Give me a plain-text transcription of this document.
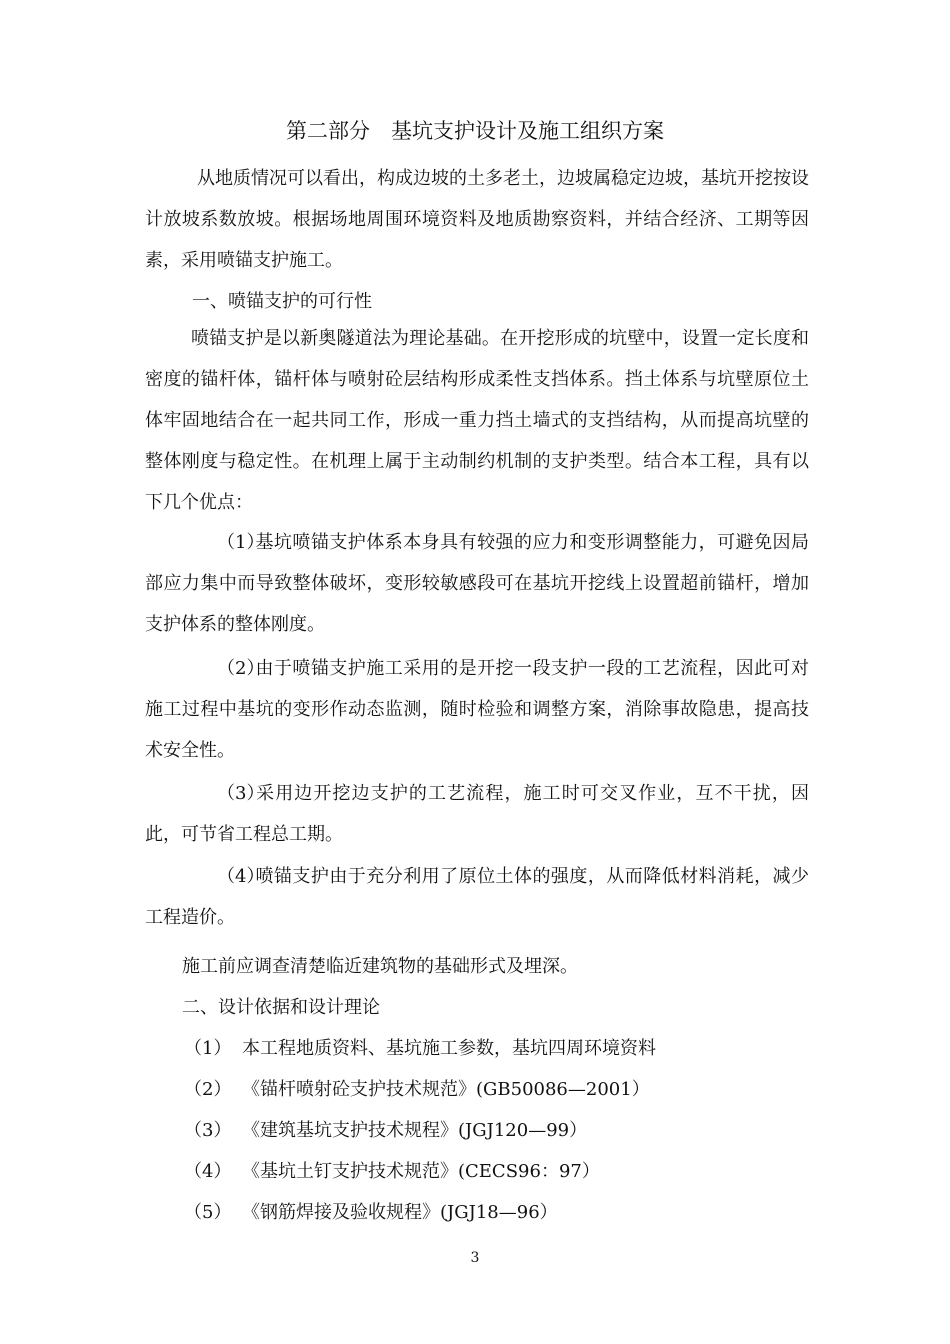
第二部分　基坑支护设计及施工组织方案

从地质情况可以看出，构成边坡的土多老土，边坡属稳定边坡，基坑开挖按设计放坡系数放坡。根据场地周围环境资料及地质勘察资料，并结合经济、工期等因素，采用喷锚支护施工。

一、喷锚支护的可行性

喷锚支护是以新奥隧道法为理论基础。在开挖形成的坑壁中，设置一定长度和密度的锚杆体，锚杆体与喷射砼层结构形成柔性支挡体系。挡土体系与坑壁原位土体牢固地结合在一起共同工作，形成一重力挡土墙式的支挡结构，从而提高坑壁的整体刚度与稳定性。在机理上属于主动制约机制的支护类型。结合本工程，具有以下几个优点：

（1）基坑喷锚支护体系本身具有较强的应力和变形调整能力，可避免因局部应力集中而导致整体破坏，变形较敏感段可在基坑开挖线上设置超前锚杆，增加支护体系的整体刚度。

（2）由于喷锚支护施工采用的是开挖一段支护一段的工艺流程，因此可对施工过程中基坑的变形作动态监测，随时检验和调整方案，消除事故隐患，提高技术安全性。

（3）采用边开挖边支护的工艺流程，施工时可交叉作业，互不干扰，因此，可节省工程总工期。

（4）喷锚支护由于充分利用了原位土体的强度，从而降低材料消耗，减少工程造价。

施工前应调查清楚临近建筑物的基础形式及埋深。

二、设计依据和设计理论

（1） 本工程地质资料、基坑施工参数，基坑四周环境资料

（2） 《锚杆喷射砼支护技术规范》(GB50086—2001）

（3） 《建筑基坑支护技术规程》(JGJ120—99）

（4） 《基坑土钉支护技术规范》(CECS96：97）

（5） 《钢筋焊接及验收规程》(JGJ18—96）

3
